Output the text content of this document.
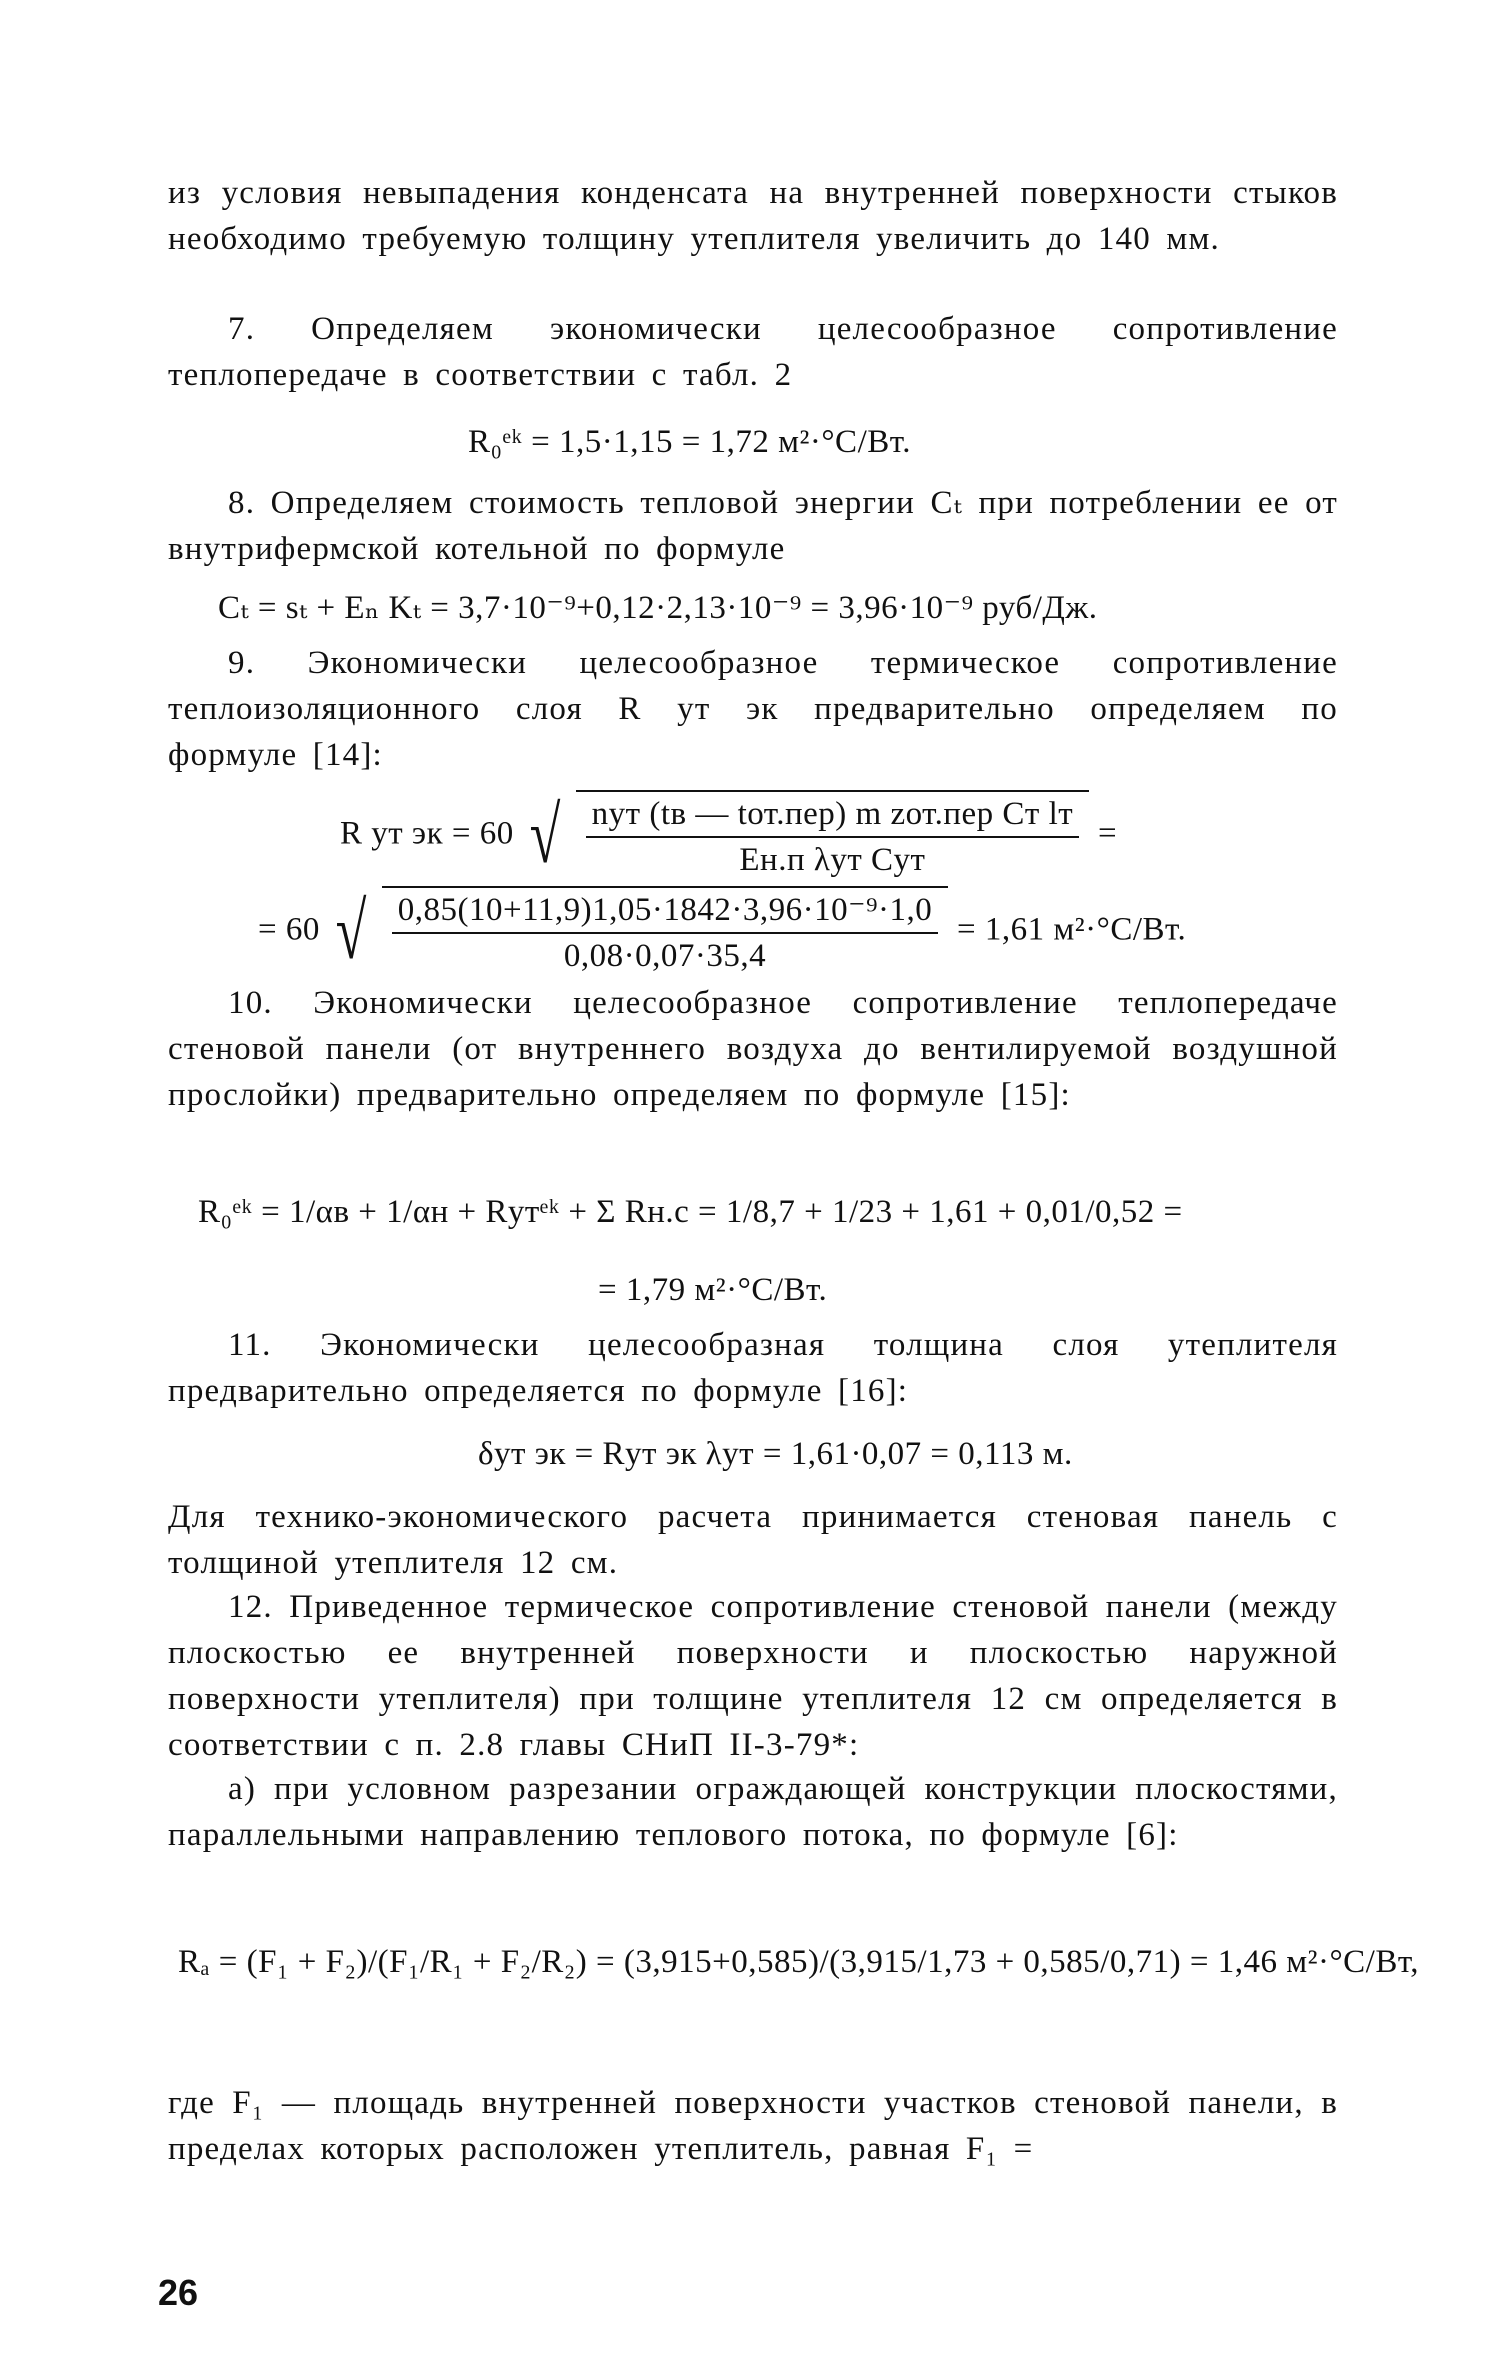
из условия невыпадения конденсата на внутренней поверхности стыков необходимо требуемую толщину утеплителя увеличить до 140 мм.

7. Определяем экономически целесообразное сопротивление теплопередаче в соответствии с табл. 2

R₀ᵉᵏ = 1,5·1,15 = 1,72 м²·°С/Вт.

8. Определяем стоимость тепловой энергии Сₜ при потреблении ее от внутрифермской котельной по формуле

Сₜ = sₜ + Eₙ Kₜ = 3,7·10⁻⁹+0,12·2,13·10⁻⁹ = 3,96·10⁻⁹ руб/Дж.

9. Экономически целесообразное термическое сопротивление теплоизоляционного слоя R ут эк предварительно определяем по формуле [14]:

R ут эк = 60 √ $\frac{\text{nут (tв — tот.пер) m zот.пер Cт lт}}{\text{Eн.п λут Cут}}$ =
= 60 √ $\frac{\text{0,85(10+11,9)1,05·1842·3,96·10⁻⁹·1,0}}{0,08\cdot 0,07\cdot 35,4} = 1,61$ м²·°С/Вт.

10. Экономически целесообразное сопротивление теплопередаче стеновой панели (от внутреннего воздуха до вентилируемой воздушной прослойки) предварительно определяем по формуле [15]:

R₀ᵉᵏ = 1/αв + 1/αн + Rутᵉᵏ + Σ Rн.с = 1/8,7 + 1/23 + 1,61 + 0,01/0,52 =
= 1,79 м²·°С/Вт.

11. Экономически целесообразная толщина слоя утеплителя предварительно определяется по формуле [16]:

δут эк = Rут эк λут = 1,61·0,07 = 0,113 м.

Для технико-экономического расчета принимается стеновая панель с толщиной утеплителя 12 см.

12. Приведенное термическое сопротивление стеновой панели (между плоскостью ее внутренней поверхности и плоскостью наружной поверхности утеплителя) при толщине утеплителя 12 см определяется в соответствии с п. 2.8 главы СНиП II-3-79*:

а) при условном разрезании ограждающей конструкции плоскостями, параллельными направлению теплового потока, по формуле [6]:

Rₐ = (F₁ + F₂)/(F₁/R₁ + F₂/R₂) = (3,915+0,585)/(3,915/1,73 + 0,585/0,71) = 1,46 м²·°С/Вт,

где F₁ — площадь внутренней поверхности участков стеновой панели, в пределах которых расположен утеплитель, равная F₁ =

26
